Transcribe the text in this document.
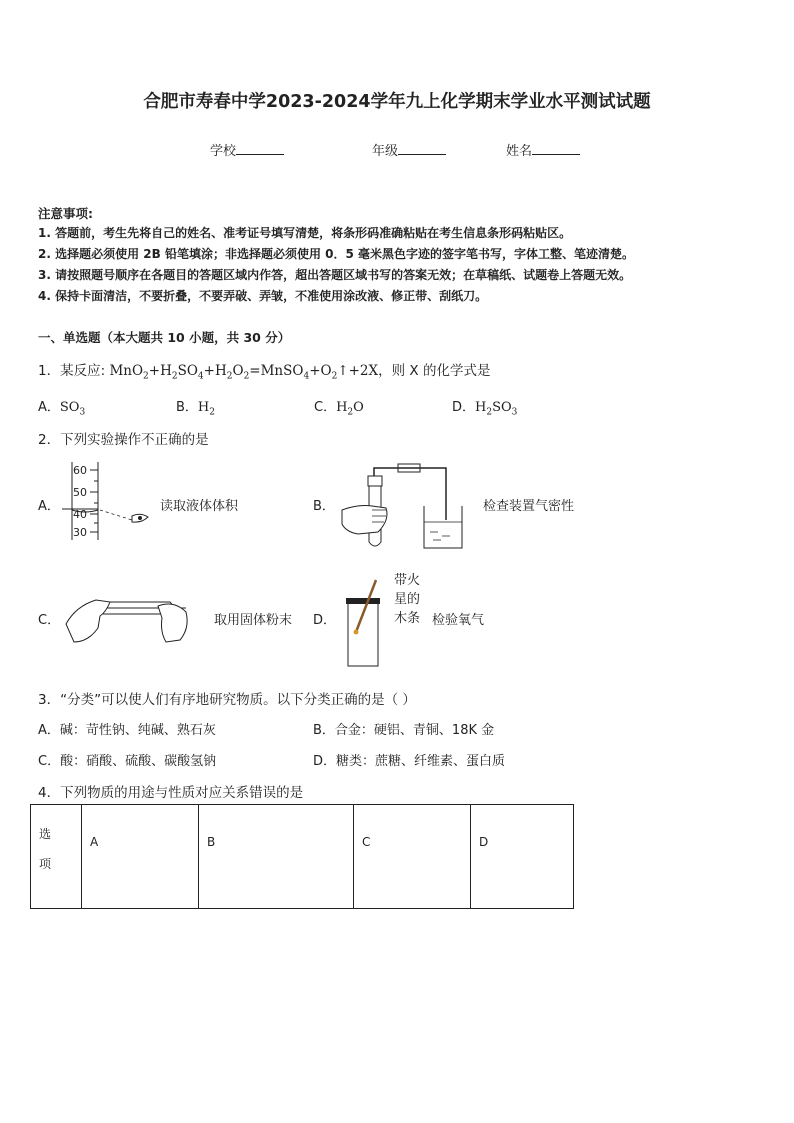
合肥市寿春中学2023-2024学年九上化学期末学业水平测试试题
学校	年级	姓名
注意事项:
1. 答题前，考生先将自己的姓名、准考证号填写清楚，将条形码准确粘贴在考生信息条形码粘贴区。
2. 选择题必须使用 2B 铅笔填涂；非选择题必须使用 0．5 毫米黑色字迹的签字笔书写，字体工整、笔迹清楚。
3. 请按照题号顺序在各题目的答题区域内作答，超出答题区域书写的答案无效；在草稿纸、试题卷上答题无效。
4. 保持卡面清洁，不要折叠，不要弄破、弄皱，不准使用涂改液、修正带、刮纸刀。
一、单选题（本大题共 10 小题，共 30 分）
1．某反应: $MnO_2+H_2SO_4+H_2O_2=MnSO_4+O_2↑+2X$，则 X 的化学式是
A．$SO_3$	B．$H_2$	C．$H_2O$	D．$H_2SO_3$
2．下列实验操作不正确的是
A．
60
50
40
30
读取液体体积	B．	检查装置气密性
C．	取用固体粉末 D．
带火
星的
木条 检验氧气
3．“分类”可以使人们有序地研究物质。以下分类正确的是（ ）
A．碱：苛性钠、纯碱、熟石灰	B．合金：硬铝、青铜、18K 金
C．酸：硝酸、硫酸、碳酸氢钠	D．糖类：蔗糖、纤维素、蛋白质
4．下列物质的用途与性质对应关系错误的是
选
项
	A	B	C	D
